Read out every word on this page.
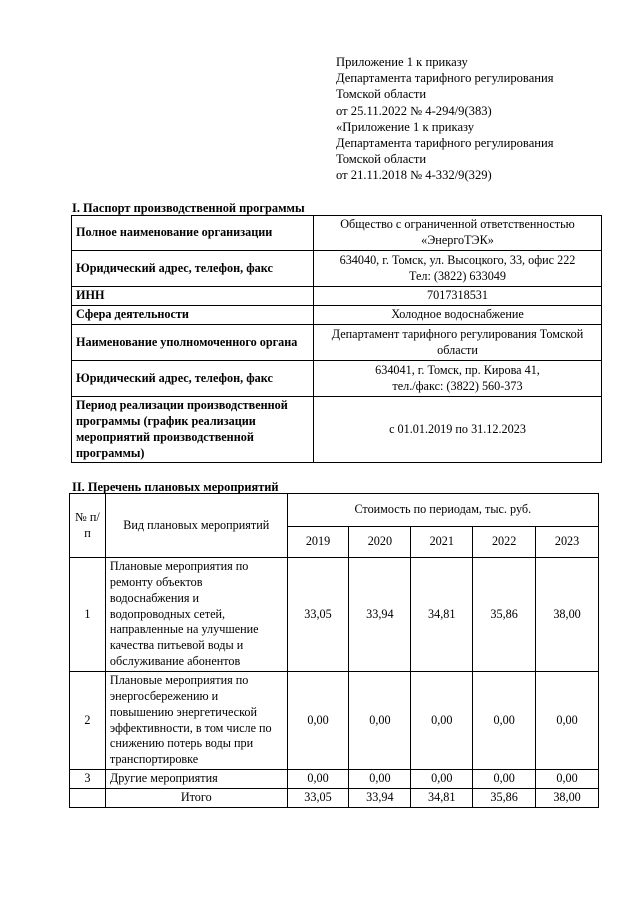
Приложение 1 к приказу
Департамента тарифного регулирования
Томской области
от 25.11.2022 № 4-294/9(383)
«Приложение 1 к приказу
Департамента тарифного регулирования
Томской области
от 21.11.2018 № 4-332/9(329)
I. Паспорт производственной программы
Полное наименование организации	Общество с ограниченной ответственностью
«ЭнергоТЭК»

Юридический адрес, телефон, факс	634040, г. Томск, ул. Высоцкого, 33, офис 222
Тел: (3822) 633049

ИНН	7017318531
Сфера деятельности	Холодное водоснабжение
Наименование уполномоченного органа	Департамент тарифного регулирования Томской
области

Юридический адрес, телефон, факс	634041, г. Томск, пр. Кирова 41,
тел./факс: (3822) 560-373

Период реализации производственной программы (график реализации мероприятий производственной программы)	с 01.01.2019 по 31.12.2023
II. Перечень плановых мероприятий
№ п/п	Вид плановых мероприятий	Стоимость по периодам, тыс. руб.				
		2019	2020	2021	2022	2023
1	Плановые мероприятия по ремонту объектов водоснабжения и водопроводных сетей, направленные на улучшение качества питьевой воды и обслуживание абонентов	33,05	33,94	34,81	35,86	38,00
2	Плановые мероприятия по энергосбережению и повышению энергетической эффективности, в том числе по снижению потерь воды при транспортировке	0,00	0,00	0,00	0,00	0,00
3	Другие мероприятия	0,00	0,00	0,00	0,00	0,00
	Итого	33,05	33,94	34,81	35,86	38,00
